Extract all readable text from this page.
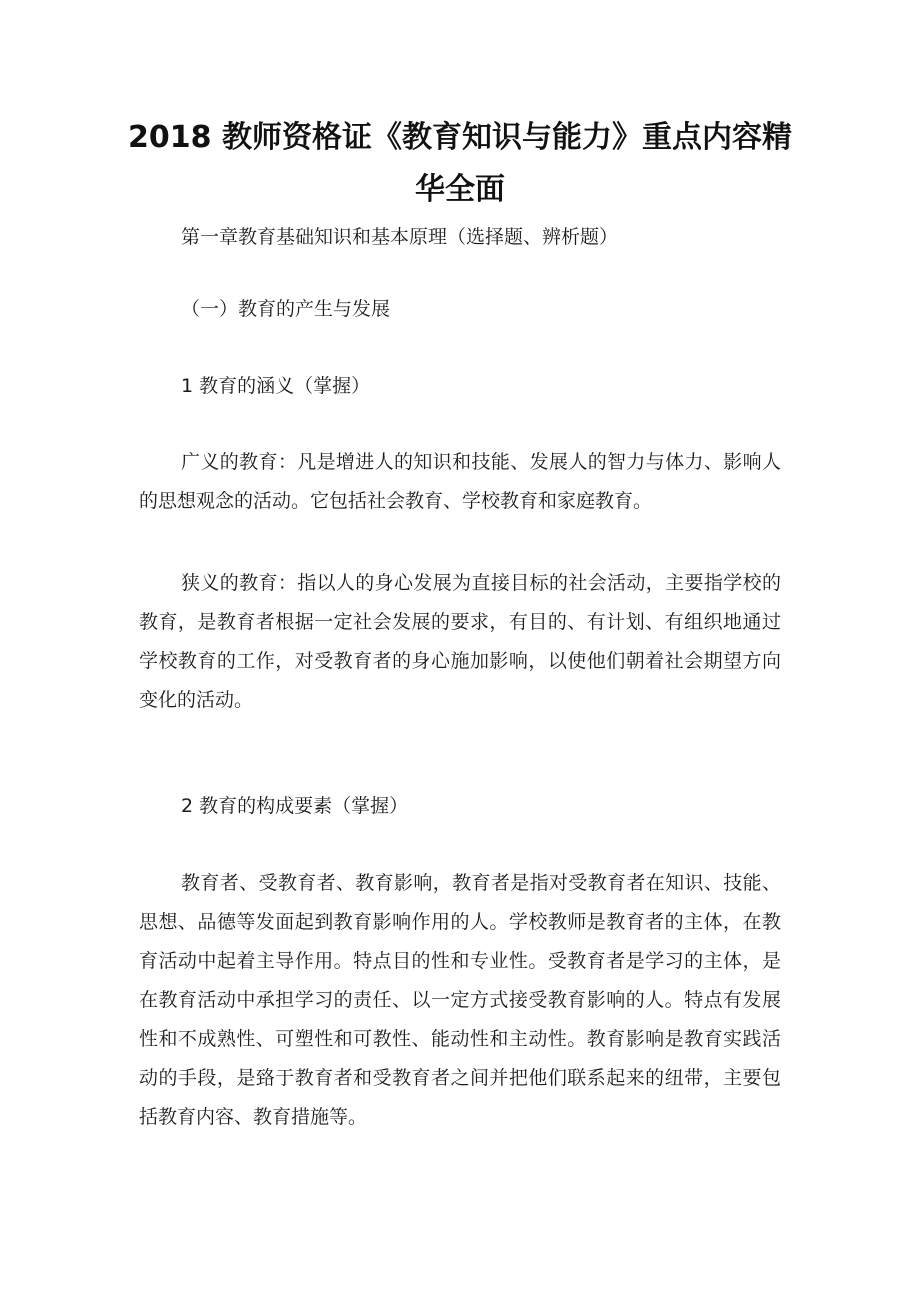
2018 教师资格证《教育知识与能力》重点内容精华全面

第一章教育基础知识和基本原理（选择题、辨析题）

（一）教育的产生与发展

1 教育的涵义（掌握）

广义的教育：凡是增进人的知识和技能、发展人的智力与体力、影响人的思想观念的活动。它包括社会教育、学校教育和家庭教育。

狭义的教育：指以人的身心发展为直接目标的社会活动，主要指学校的教育，是教育者根据一定社会发展的要求，有目的、有计划、有组织地通过学校教育的工作，对受教育者的身心施加影响，以使他们朝着社会期望方向变化的活动。

2 教育的构成要素（掌握）

教育者、受教育者、教育影响，教育者是指对受教育者在知识、技能、思想、品德等发面起到教育影响作用的人。学校教师是教育者的主体，在教育活动中起着主导作用。特点目的性和专业性。受教育者是学习的主体，是在教育活动中承担学习的责任、以一定方式接受教育影响的人。特点有发展性和不成熟性、可塑性和可教性、能动性和主动性。教育影响是教育实践活动的手段，是臵于教育者和受教育者之间并把他们联系起来的纽带，主要包括教育内容、教育措施等。
